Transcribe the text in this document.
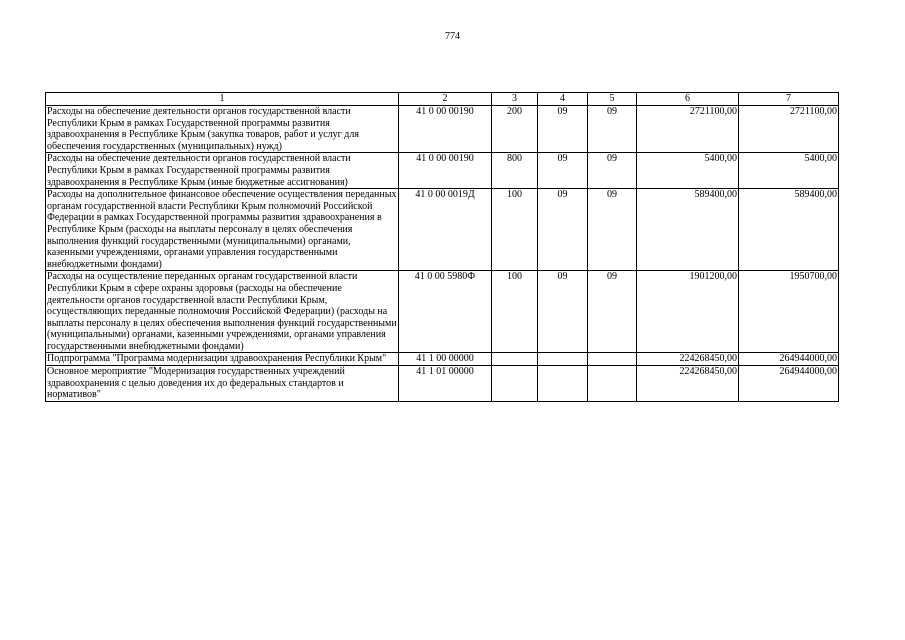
774
1	2	3	4	5	6	7
Расходы на обеспечение деятельности органов государственной власти Республики Крым в рамках Государственной программы развития здравоохранения в Республике Крым (закупка товаров, работ и услуг для обеспечения государственных (муниципальных) нужд)	41 0 00 00190	200	09	09	2721100,00	2721100,00
Расходы на обеспечение деятельности органов государственной власти Республики Крым в рамках Государственной программы развития здравоохранения в Республике Крым (иные бюджетные ассигнования)	41 0 00 00190	800	09	09	5400,00	5400,00
Расходы на дополнительное финансовое обеспечение осуществления переданных органам государственной власти Республики Крым полномочий Российской Федерации в рамках Государственной программы развития здравоохранения в Республике Крым (расходы на выплаты персоналу в целях обеспечения выполнения функций государственными (муниципальными) органами, казенными учреждениями, органами управления государственными внебюджетными фондами)	41 0 00 0019Д	100	09	09	589400,00	589400,00
Расходы на осуществление переданных органам государственной власти Республики Крым в сфере охраны здоровья (расходы на обеспечение деятельности органов государственной власти Республики Крым, осуществляющих переданные полномочия Российской Федерации) (расходы на выплаты персоналу в целях обеспечения выполнения функций государственными (муниципальными) органами, казенными учреждениями, органами управления государственными внебюджетными фондами)	41 0 00 5980Ф	100	09	09	1901200,00	1950700,00
Подпрограмма "Программа модернизации здравоохранения Республики Крым"	41 1 00 00000				224268450,00	264944000,00
Основное мероприятие "Модернизация государственных учреждений здравоохранения с целью доведения их до федеральных стандартов и нормативов"	41 1 01 00000				224268450,00	264944000,00
